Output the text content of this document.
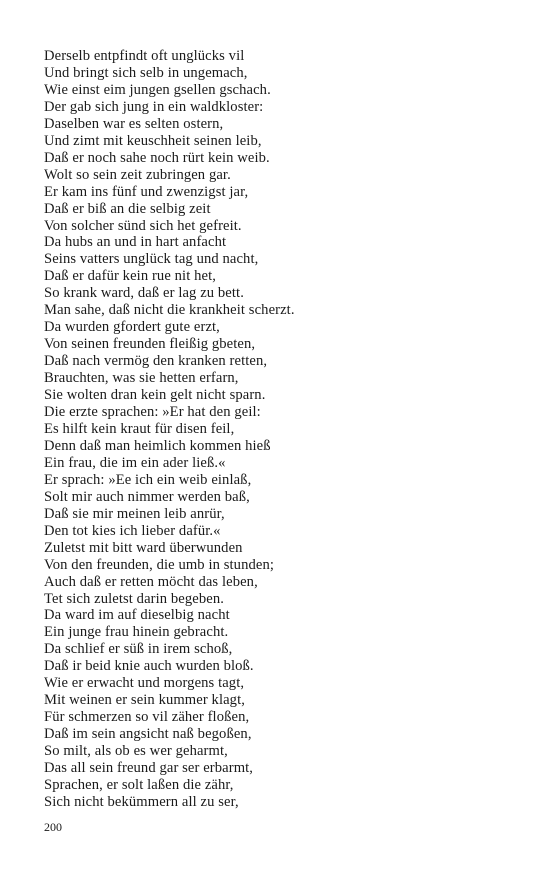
Derselb entpfindt oft unglücks vil
Und bringt sich selb in ungemach,
Wie einst eim jungen gsellen gschach.
Der gab sich jung in ein waldkloster:
Daselben war es selten ostern,
Und zimt mit keuschheit seinen leib,
Daß er noch sahe noch rürt kein weib.
Wolt so sein zeit zubringen gar.
Er kam ins fünf und zwenzigst jar,
Daß er biß an die selbig zeit
Von solcher sünd sich het gefreit.
Da hubs an und in hart anfacht
Seins vatters unglück tag und nacht,
Daß er dafür kein rue nit het,
So krank ward, daß er lag zu bett.
Man sahe, daß nicht die krankheit scherzt.
Da wurden gfordert gute erzt,
Von seinen freunden fleißig gbeten,
Daß nach vermög den kranken retten,
Brauchten, was sie hetten erfarn,
Sie wolten dran kein gelt nicht sparn.
Die erzte sprachen: »Er hat den geil:
Es hilft kein kraut für disen feil,
Denn daß man heimlich kommen hieß
Ein frau, die im ein ader ließ.«
Er sprach: »Ee ich ein weib einlaß,
Solt mir auch nimmer werden baß,
Daß sie mir meinen leib anrür,
Den tot kies ich lieber dafür.«
Zuletst mit bitt ward überwunden
Von den freunden, die umb in stunden;
Auch daß er retten möcht das leben,
Tet sich zuletst darin begeben.
Da ward im auf dieselbig nacht
Ein junge frau hinein gebracht.
Da schlief er süß in irem schoß,
Daß ir beid knie auch wurden bloß.
Wie er erwacht und morgens tagt,
Mit weinen er sein kummer klagt,
Für schmerzen so vil zäher floßen,
Daß im sein angsicht naß begoßen,
So milt, als ob es wer geharmt,
Das all sein freund gar ser erbarmt,
Sprachen, er solt laßen die zähr,
Sich nicht bekümmern all zu ser,
200
